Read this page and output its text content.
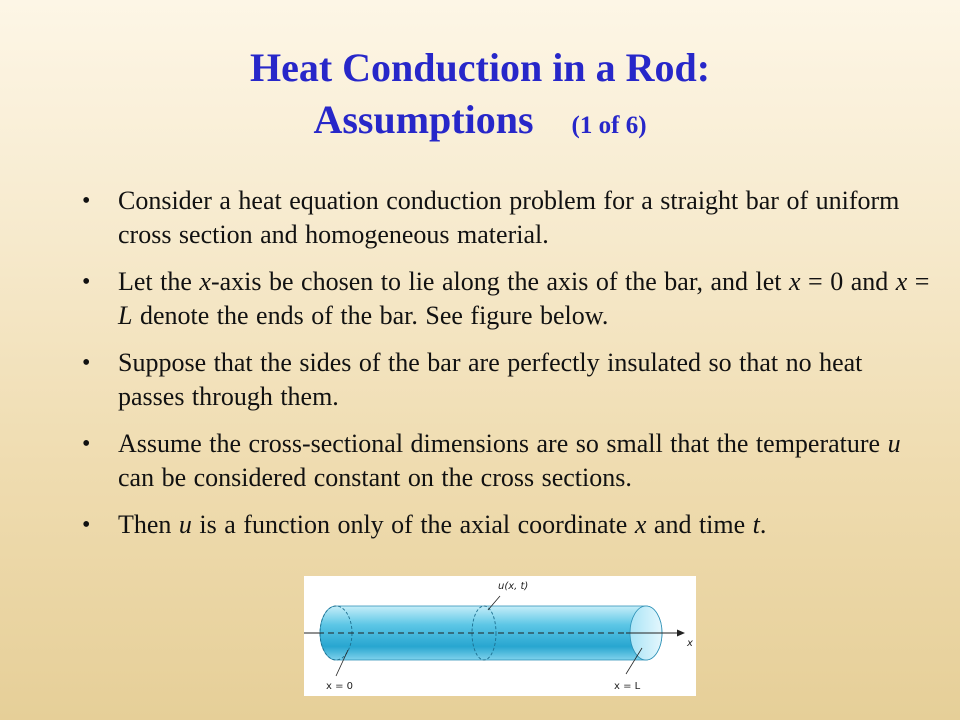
Heat Conduction in a Rod:
Assumptions (1 of 6)
• Consider a heat equation conduction problem for a straight bar of uniform cross section and homogeneous material.
• Let the x-axis be chosen to lie along the axis of the bar, and let x = 0 and x = L denote the ends of the bar. See figure below.
• Suppose that the sides of the bar are perfectly insulated so that no heat passes through them.
• Assume the cross-sectional dimensions are so small that the temperature u can be considered constant on the cross sections.
• Then u is a function only of the axial coordinate x and time t.
u(x, t)
x
x = 0	x = L
